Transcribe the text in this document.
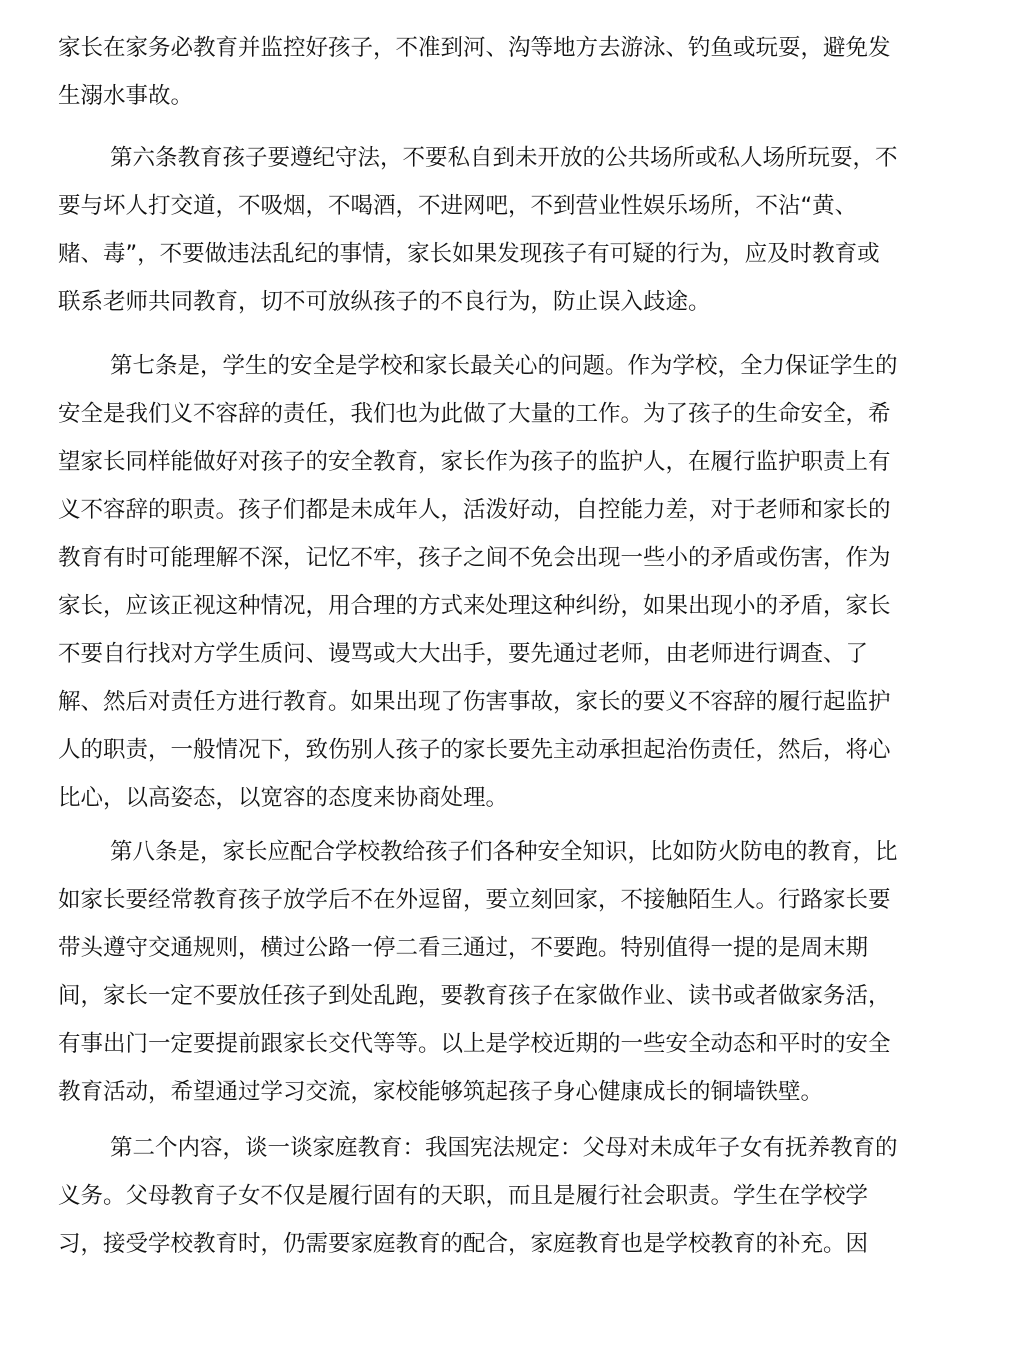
家长在家务必教育并监控好孩子，不准到河、沟等地方去游泳、钓鱼或玩耍，避免发
生溺水事故。
第六条教育孩子要遵纪守法，不要私自到未开放的公共场所或私人场所玩耍，不
要与坏人打交道，不吸烟，不喝酒，不进网吧，不到营业性娱乐场所，不沾“黄、
赌、毒”，不要做违法乱纪的事情，家长如果发现孩子有可疑的行为，应及时教育或
联系老师共同教育，切不可放纵孩子的不良行为，防止误入歧途。
第七条是，学生的安全是学校和家长最关心的问题。作为学校，全力保证学生的
安全是我们义不容辞的责任，我们也为此做了大量的工作。为了孩子的生命安全，希
望家长同样能做好对孩子的安全教育，家长作为孩子的监护人，在履行监护职责上有
义不容辞的职责。孩子们都是未成年人，活泼好动，自控能力差，对于老师和家长的
教育有时可能理解不深，记忆不牢，孩子之间不免会出现一些小的矛盾或伤害，作为
家长，应该正视这种情况，用合理的方式来处理这种纠纷，如果出现小的矛盾，家长
不要自行找对方学生质问、谩骂或大大出手，要先通过老师，由老师进行调查、了
解、然后对责任方进行教育。如果出现了伤害事故，家长的要义不容辞的履行起监护
人的职责，一般情况下，致伤别人孩子的家长要先主动承担起治伤责任，然后，将心
比心，以高姿态，以宽容的态度来协商处理。
第八条是，家长应配合学校教给孩子们各种安全知识，比如防火防电的教育，比
如家长要经常教育孩子放学后不在外逗留，要立刻回家，不接触陌生人。行路家长要
带头遵守交通规则，横过公路一停二看三通过，不要跑。特别值得一提的是周末期
间，家长一定不要放任孩子到处乱跑，要教育孩子在家做作业、读书或者做家务活，
有事出门一定要提前跟家长交代等等。以上是学校近期的一些安全动态和平时的安全
教育活动，希望通过学习交流，家校能够筑起孩子身心健康成长的铜墙铁壁。
第二个内容，谈一谈家庭教育：我国宪法规定：父母对未成年子女有抚养教育的
义务。父母教育子女不仅是履行固有的天职，而且是履行社会职责。学生在学校学
习，接受学校教育时，仍需要家庭教育的配合，家庭教育也是学校教育的补充。因
